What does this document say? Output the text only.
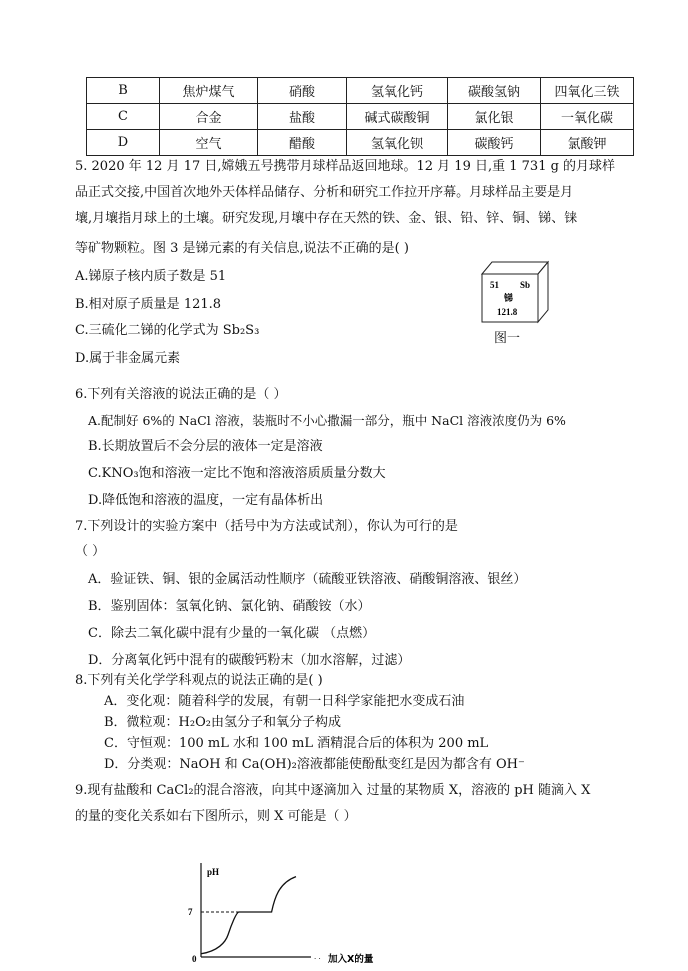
B	焦炉煤气	硝酸	氢氧化钙	碳酸氢钠	四氧化三铁
C	合金	盐酸	碱式碳酸铜	氯化银	一氧化碳
D	空气	醋酸	氢氧化钡	碳酸钙	氯酸钾
5. 2020 年 12 月 17 日,嫦娥五号携带月球样品返回地球。12 月 19 日,重 1 731 g 的月球样
品正式交接,中国首次地外天体样品储存、分析和研究工作拉开序幕。月球样品主要是月
壤,月壤指月球上的土壤。研究发现,月壤中存在天然的铁、金、银、铅、锌、铜、锑、铼
等矿物颗粒。图 3 是锑元素的有关信息,说法不正确的是( )
A.锑原子核内质子数是 51
B.相对原子质量是 121.8
C.三硫化二锑的化学式为 Sb₂S₃
D.属于非金属元素
51 Sb
锑
121.8
图一
6.下列有关溶液的说法正确的是（ ）
A.配制好 6%的 NaCl 溶液，装瓶时不小心撒漏一部分，瓶中 NaCl 溶液浓度仍为 6%
B.长期放置后不会分层的液体一定是溶液
C.KNO₃饱和溶液一定比不饱和溶液溶质质量分数大
D.降低饱和溶液的温度，一定有晶体析出
7.下列设计的实验方案中（括号中为方法或试剂），你认为可行的是
（ ）
A．验证铁、铜、银的金属活动性顺序（硫酸亚铁溶液、硝酸铜溶液、银丝）
B．鉴别固体：氢氧化钠、氯化钠、硝酸铵（水）
C．除去二氧化碳中混有少量的一氧化碳 （点燃）
D．分离氧化钙中混有的碳酸钙粉末（加水溶解，过滤）
8.下列有关化学学科观点的说法正确的是( )
A．变化观：随着科学的发展，有朝一日科学家能把水变成石油
B．微粒观：H₂O₂由氢分子和氧分子构成
C．守恒观：100 mL 水和 100 mL 酒精混合后的体积为 200 mL
D．分类观：NaOH 和 Ca(OH)₂溶液都能使酚酞变红是因为都含有 OH⁻
9.现有盐酸和 CaCl₂的混合溶液，向其中逐滴加入 过量的某物质 X，溶液的 pH 随滴入 X
的量的变化关系如右下图所示，则 X 可能是（ ）
. .
pH
加入X的量
7
0
